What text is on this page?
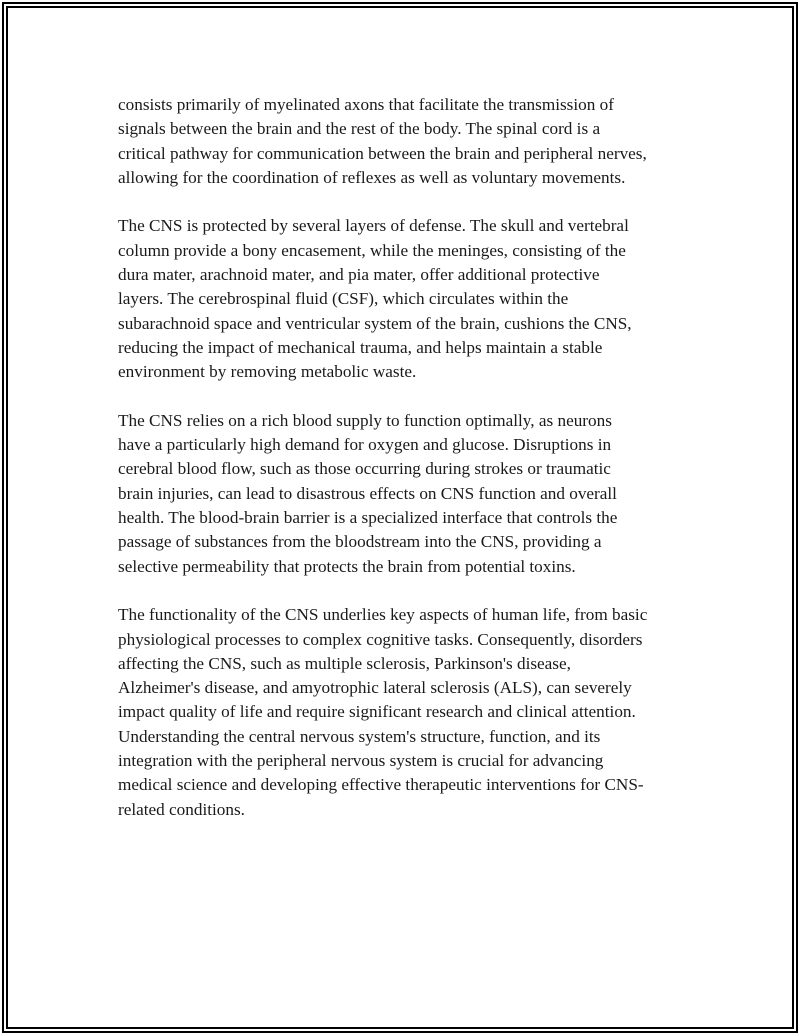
consists primarily of myelinated axons that facilitate the transmission of
signals between the brain and the rest of the body. The spinal cord is a
critical pathway for communication between the brain and peripheral nerves,
allowing for the coordination of reflexes as well as voluntary movements.

The CNS is protected by several layers of defense. The skull and vertebral
column provide a bony encasement, while the meninges, consisting of the
dura mater, arachnoid mater, and pia mater, offer additional protective
layers. The cerebrospinal fluid (CSF), which circulates within the
subarachnoid space and ventricular system of the brain, cushions the CNS,
reducing the impact of mechanical trauma, and helps maintain a stable
environment by removing metabolic waste.

The CNS relies on a rich blood supply to function optimally, as neurons
have a particularly high demand for oxygen and glucose. Disruptions in
cerebral blood flow, such as those occurring during strokes or traumatic
brain injuries, can lead to disastrous effects on CNS function and overall
health. The blood-brain barrier is a specialized interface that controls the
passage of substances from the bloodstream into the CNS, providing a
selective permeability that protects the brain from potential toxins.

The functionality of the CNS underlies key aspects of human life, from basic
physiological processes to complex cognitive tasks. Consequently, disorders
affecting the CNS, such as multiple sclerosis, Parkinson's disease,
Alzheimer's disease, and amyotrophic lateral sclerosis (ALS), can severely
impact quality of life and require significant research and clinical attention.
Understanding the central nervous system's structure, function, and its
integration with the peripheral nervous system is crucial for advancing
medical science and developing effective therapeutic interventions for CNS-
related conditions.
